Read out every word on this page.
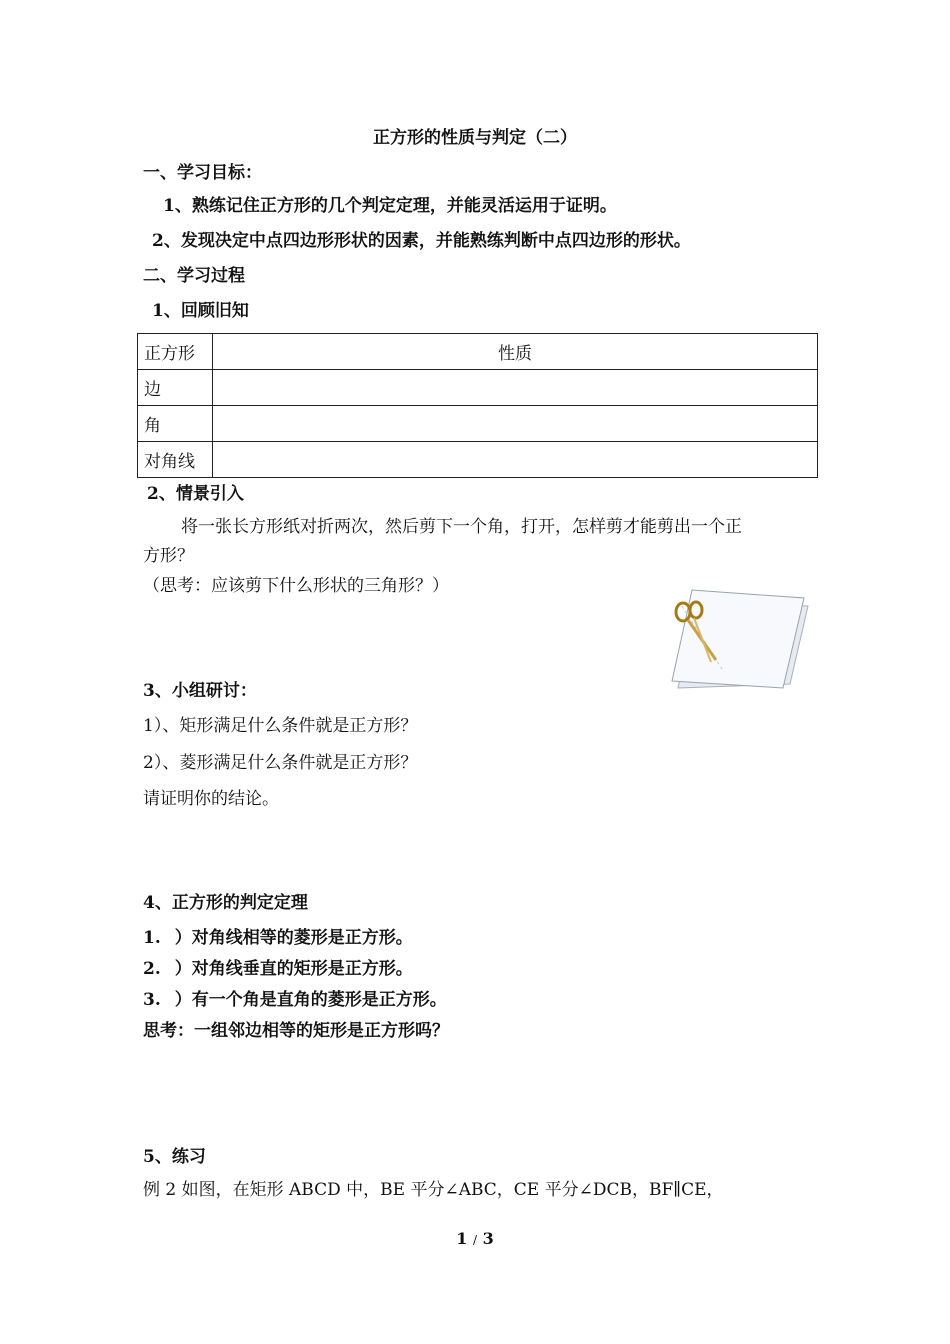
正方形的性质与判定（二）
一、学习目标：
1、熟练记住正方形的几个判定定理，并能灵活运用于证明。
2、发现决定中点四边形形状的因素，并能熟练判断中点四边形的形状。
二、学习过程
1、回顾旧知
正方形	性质
边	
角	
对角线	
2、情景引入
将一张长方形纸对折两次，然后剪下一个角，打开，怎样剪才能剪出一个正
方形？
（思考：应该剪下什么形状的三角形？）
3、小组研讨：
1）、矩形满足什么条件就是正方形？
2）、菱形满足什么条件就是正方形？
请证明你的结论。
4、正方形的判定定理
1. ）对角线相等的菱形是正方形。
2. ）对角线垂直的矩形是正方形。
3. ）有一个角是直角的菱形是正方形。
思考：一组邻边相等的矩形是正方形吗？
5、练习
例 2 如图，在矩形 ABCD 中，BE 平分∠ABC，CE 平分∠DCB，BF∥CE，
1 / 3
